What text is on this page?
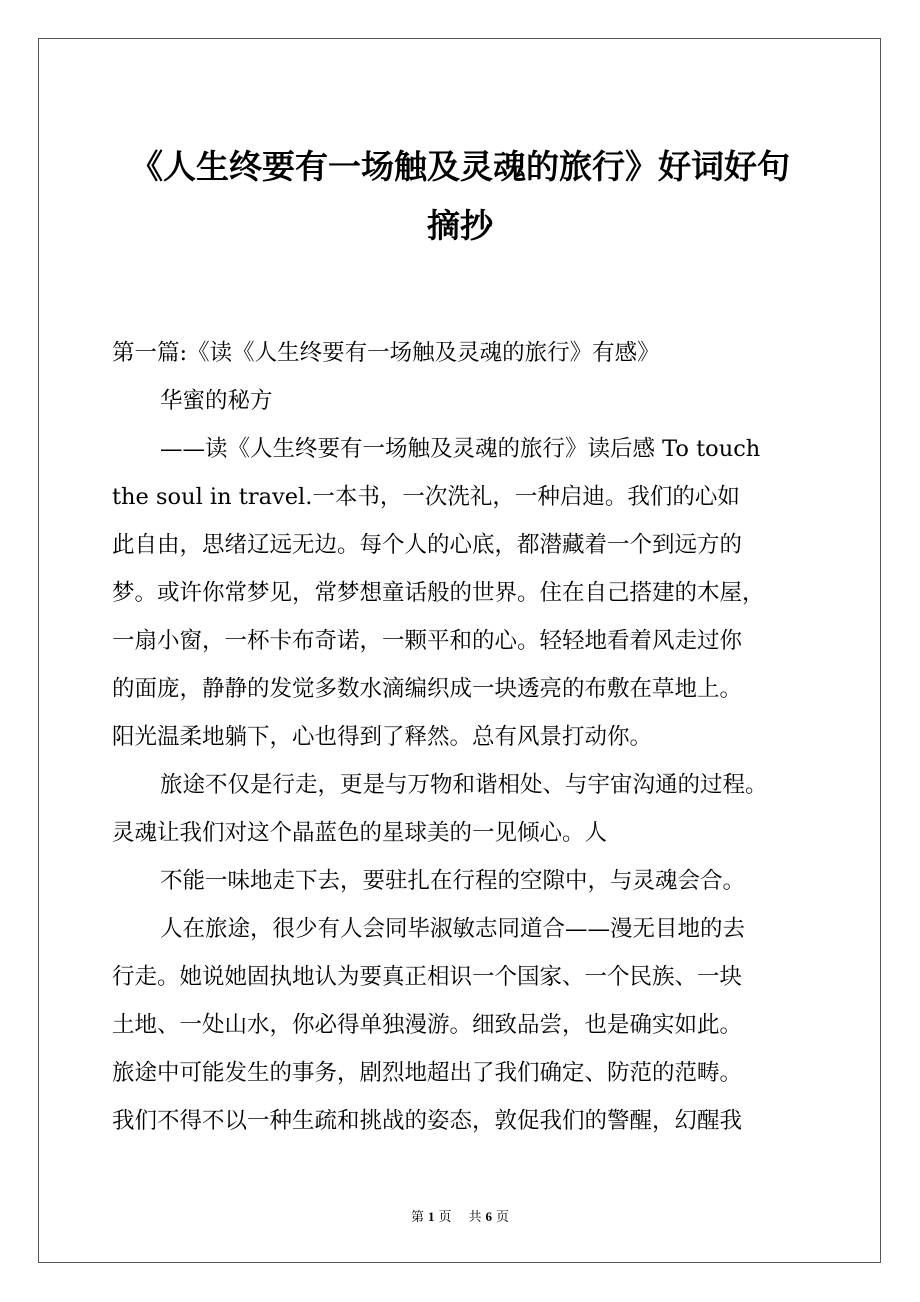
《人生终要有一场触及灵魂的旅行》好词好句
摘抄
第一篇:《读《人生终要有一场触及灵魂的旅行》有感》
华蜜的秘方
——读《人生终要有一场触及灵魂的旅行》读后感 To touch
the soul in travel.一本书，一次洗礼，一种启迪。我们的心如
此自由，思绪辽远无边。每个人的心底，都潜藏着一个到远方的
梦。或许你常梦见，常梦想童话般的世界。住在自己搭建的木屋，
一扇小窗，一杯卡布奇诺，一颗平和的心。轻轻地看着风走过你
的面庞，静静的发觉多数水滴编织成一块透亮的布敷在草地上。
阳光温柔地躺下，心也得到了释然。总有风景打动你。
旅途不仅是行走，更是与万物和谐相处、与宇宙沟通的过程。
灵魂让我们对这个晶蓝色的星球美的一见倾心。人
不能一味地走下去，要驻扎在行程的空隙中，与灵魂会合。
人在旅途，很少有人会同毕淑敏志同道合——漫无目地的去
行走。她说她固执地认为要真正相识一个国家、一个民族、一块
土地、一处山水，你必得单独漫游。细致品尝，也是确实如此。
旅途中可能发生的事务，剧烈地超出了我们确定、防范的范畴。
我们不得不以一种生疏和挑战的姿态，敦促我们的警醒，幻醒我
第 1 页 共 6 页
